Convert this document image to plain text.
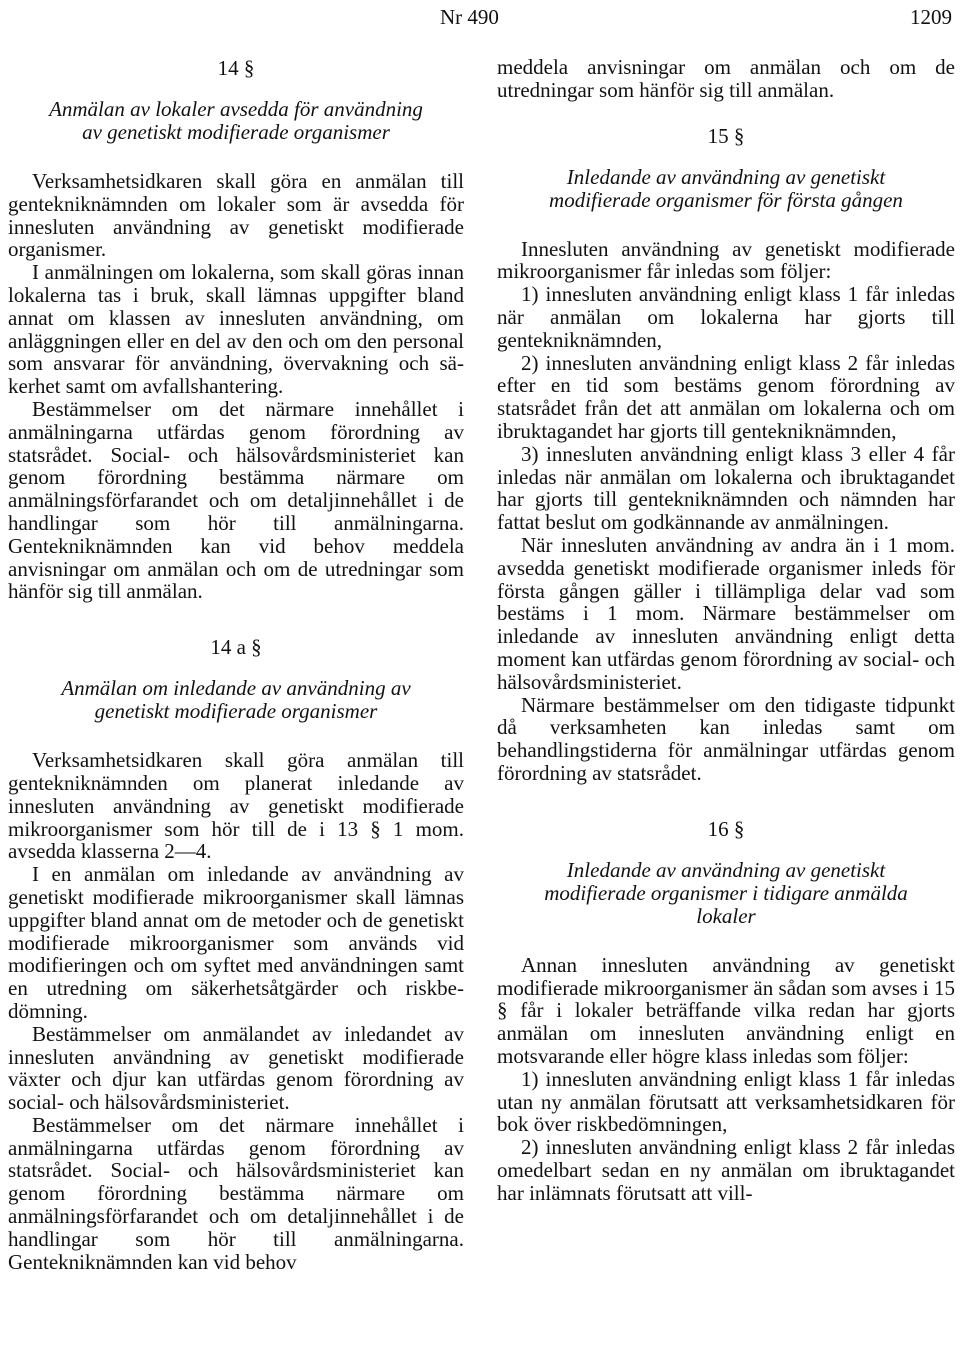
Nr 490	1209
14 §
Anmälan av lokaler avsedda för användning
av genetiskt modifierade organismer

Verksamhetsidkaren skall göra en anmälan till gentekniknämnden om lokaler som är avsedda för innesluten användning av genetiskt modifierade organismer.

I anmälningen om lokalerna, som skall göras innan lokalerna tas i bruk, skall lämnas uppgifter bland annat om klassen av innesluten användning, om anläggningen eller en del av den och om den personal som ansvarar för användning, övervakning och säkerhet samt om avfallshantering.

Bestämmelser om det närmare innehållet i anmälningarna utfärdas genom förordning av statsrådet. Social- och hälsovårdsministeriet kan genom förordning bestämma närmare om anmälningsförfarandet och om detaljinnehållet i de handlingar som hör till anmälningarna. Gentekniknämnden kan vid behov meddela anvisningar om anmälan och om de utredningar som hänför sig till anmälan.

14 a §
Anmälan om inledande av användning av
genetiskt modifierade organismer

Verksamhetsidkaren skall göra anmälan till gentekniknämnden om planerat inledande av innesluten användning av genetiskt modifierade mikroorganismer som hör till de i 13 § 1 mom. avsedda klasserna 2—4.

I en anmälan om inledande av användning av genetiskt modifierade mikroorganismer skall lämnas uppgifter bland annat om de metoder och de genetiskt modifierade mikroorganismer som används vid modifieringen och om syftet med användningen samt en utredning om säkerhetsåtgärder och riskbedömning.

Bestämmelser om anmälandet av inledandet av innesluten användning av genetiskt modifierade växter och djur kan utfärdas genom förordning av social- och hälsovårdsministeriet.

Bestämmelser om det närmare innehållet i anmälningarna utfärdas genom förordning av statsrådet. Social- och hälsovårdsministeriet kan genom förordning bestämma närmare om anmälningsförfarandet och om detaljinnehållet i de handlingar som hör till anmälningarna. Gentekniknämnden kan vid behov

meddela anvisningar om anmälan och om de utredningar som hänför sig till anmälan.

15 §
Inledande av användning av genetiskt
modifierade organismer för första gången

Innesluten användning av genetiskt modifierade mikroorganismer får inledas som följer:

1) innesluten användning enligt klass 1 får inledas när anmälan om lokalerna har gjorts till gentekniknämnden,

2) innesluten användning enligt klass 2 får inledas efter en tid som bestäms genom förordning av statsrådet från det att anmälan om lokalerna och om ibruktagandet har gjorts till gentekniknämnden,

3) innesluten användning enligt klass 3 eller 4 får inledas när anmälan om lokalerna och ibruktagandet har gjorts till gentekniknämnden och nämnden har fattat beslut om godkännande av anmälningen.

När innesluten användning av andra än i 1 mom. avsedda genetiskt modifierade organismer inleds för första gången gäller i tillämpliga delar vad som bestäms i 1 mom. Närmare bestämmelser om inledande av innesluten användning enligt detta moment kan utfärdas genom förordning av social- och hälsovårdsministeriet.

Närmare bestämmelser om den tidigaste tidpunkt då verksamheten kan inledas samt om behandlingstiderna för anmälningar utfärdas genom förordning av statsrådet.

16 §
Inledande av användning av genetiskt
modifierade organismer i tidigare anmälda
lokaler

Annan innesluten användning av genetiskt modifierade mikroorganismer än sådan som avses i 15 § får i lokaler beträffande vilka redan har gjorts anmälan om innesluten användning enligt en motsvarande eller högre klass inledas som följer:

1) innesluten användning enligt klass 1 får inledas utan ny anmälan förutsatt att verksamhetsidkaren för bok över riskbedömningen,

2) innesluten användning enligt klass 2 får inledas omedelbart sedan en ny anmälan om ibruktagandet har inlämnats förutsatt att vill-
